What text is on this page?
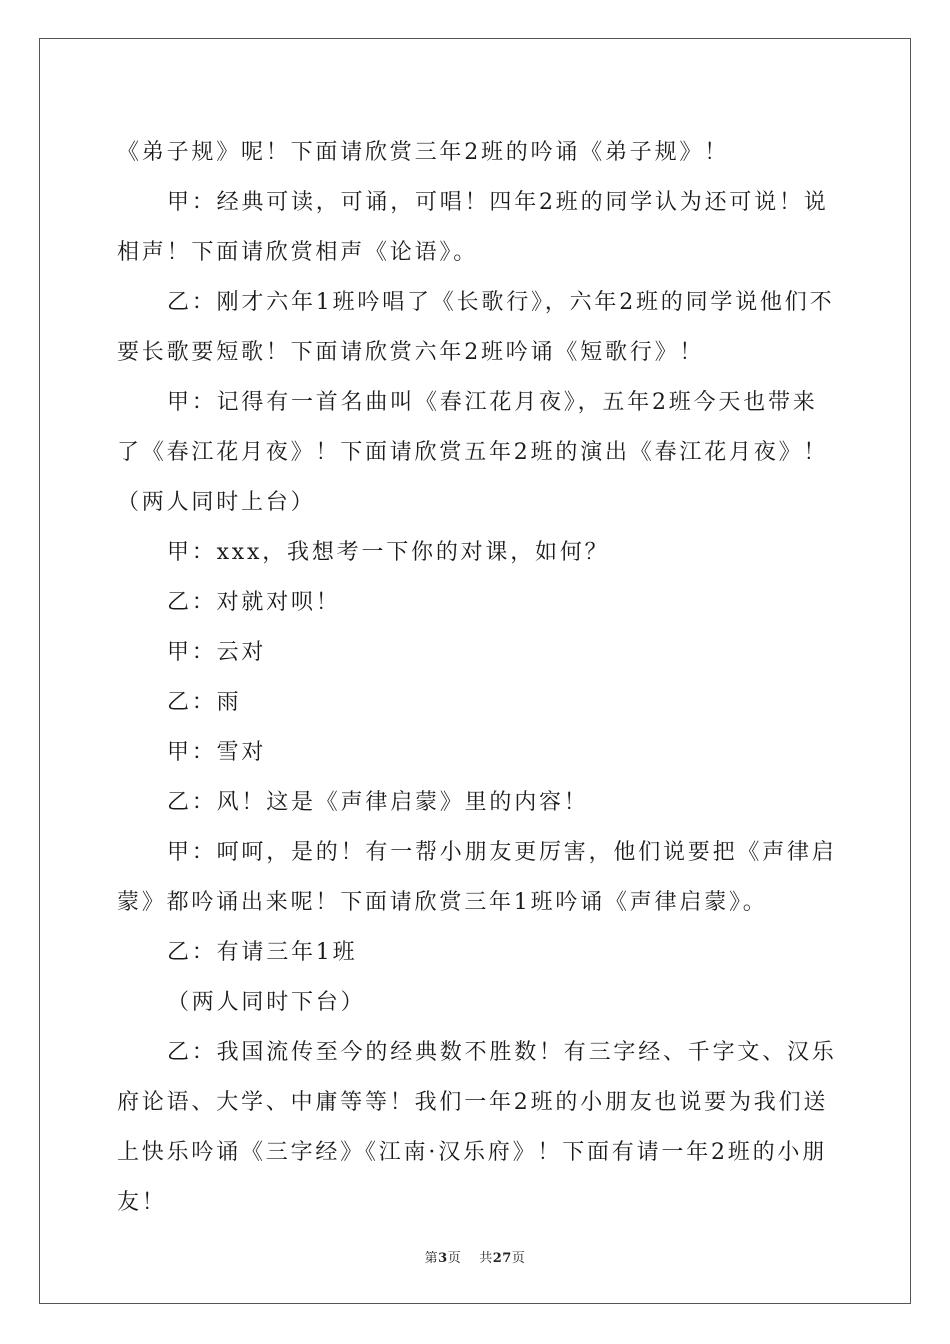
《弟子规》呢！下面请欣赏三年2班的吟诵《弟子规》！

甲：经典可读，可诵，可唱！四年2班的同学认为还可说！说相声！下面请欣赏相声《论语》。

乙：刚才六年1班吟唱了《长歌行》，六年2班的同学说他们不要长歌要短歌！下面请欣赏六年2班吟诵《短歌行》！

甲：记得有一首名曲叫《春江花月夜》，五年2班今天也带来了《春江花月夜》！下面请欣赏五年2班的演出《春江花月夜》！（两人同时上台）

甲：xxx，我想考一下你的对课，如何？

乙：对就对呗！

甲：云对

乙：雨

甲：雪对

乙：风！这是《声律启蒙》里的内容！

甲：呵呵，是的！有一帮小朋友更厉害，他们说要把《声律启蒙》都吟诵出来呢！下面请欣赏三年1班吟诵《声律启蒙》。

乙：有请三年1班

（两人同时下台）

乙：我国流传至今的经典数不胜数！有三字经、千字文、汉乐府论语、大学、中庸等等！我们一年2班的小朋友也说要为我们送上快乐吟诵《三字经》《江南·汉乐府》！下面有请一年2班的小朋友！

第3页 共27页
